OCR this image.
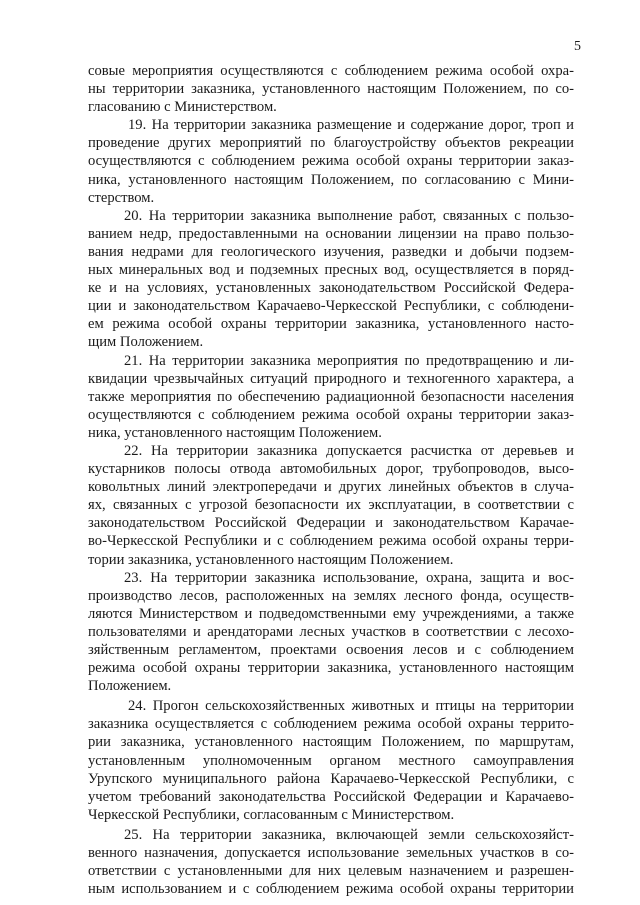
5
совые мероприятия осуществляются с соблюдением режима особой охра-
ны территории заказника, установленного настоящим Положением, по со-
гласованию с Министерством.
19. На территории заказника размещение и содержание дорог, троп и
проведение других мероприятий по благоустройству объектов рекреации
осуществляются с соблюдением режима особой охраны территории заказ-
ника, установленного настоящим Положением, по согласованию с Мини-
стерством.
20. На территории заказника выполнение работ, связанных с пользо-
ванием недр, предоставленными на основании лицензии на право пользо-
вания недрами для геологического изучения, разведки и добычи подзем-
ных минеральных вод и подземных пресных вод, осуществляется в поряд-
ке и на условиях, установленных законодательством Российской Федера-
ции и законодательством Карачаево-Черкесской Республики, с соблюдени-
ем режима особой охраны территории заказника, установленного насто-
щим Положением.
21. На территории заказника мероприятия по предотвращению и ли-
квидации чрезвычайных ситуаций природного и техногенного характера, а
также мероприятия по обеспечению радиационной безопасности населения
осуществляются с соблюдением режима особой охраны территории заказ-
ника, установленного настоящим Положением.
22. На территории заказника допускается расчистка от деревьев и
кустарников полосы отвода автомобильных дорог, трубопроводов, высо-
ковольтных линий электропередачи и других линейных объектов в случа-
ях, связанных с угрозой безопасности их эксплуатации, в соответствии с
законодательством Российской Федерации и законодательством Карачае-
во-Черкесской Республики и с соблюдением режима особой охраны терри-
тории заказника, установленного настоящим Положением.
23. На территории заказника использование, охрана, защита и вос-
производство лесов, расположенных на землях лесного фонда, осуществ-
ляются Министерством и подведомственными ему учреждениями, а также
пользователями и арендаторами лесных участков в соответствии с лесохо-
зяйственным регламентом, проектами освоения лесов и с соблюдением
режима особой охраны территории заказника, установленного настоящим
Положением.
24. Прогон сельскохозяйственных животных и птицы на территории
заказника осуществляется с соблюдением режима особой охраны террито-
рии заказника, установленного настоящим Положением, по маршрутам,
установленным уполномоченным органом местного самоуправления
Урупского муниципального района Карачаево-Черкесской Республики, с
учетом требований законодательства Российской Федерации и Карачаево-
Черкесской Республики, согласованным с Министерством.
25. На территории заказника, включающей земли сельскохозяйст-
венного назначения, допускается использование земельных участков в со-
ответствии с установленными для них целевым назначением и разрешен-
ным использованием и с соблюдением режима особой охраны территории
